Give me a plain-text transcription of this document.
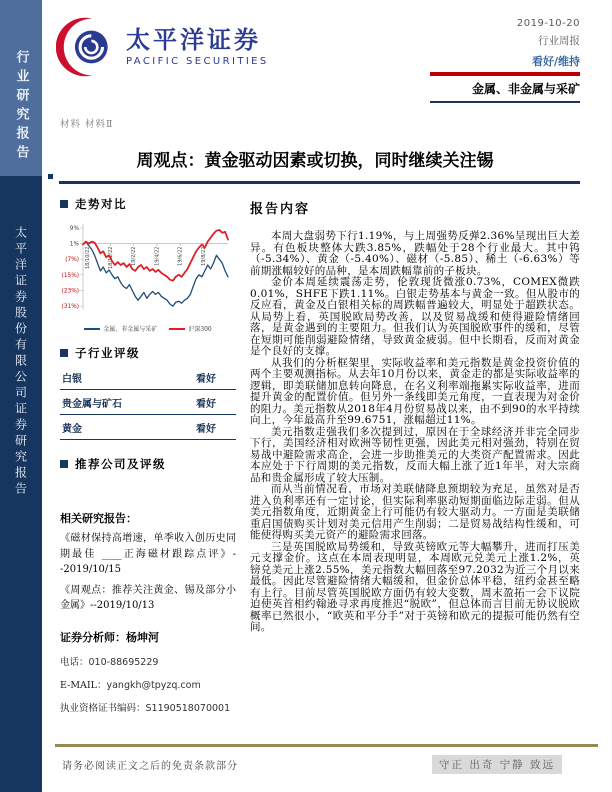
行业研究报告
太平洋证券股份有限公司证券研究报告
太平洋证券
PACIFIC SECURITIES
2019-10-20
行业周报
看好/维持
金属、非金属与采矿
材料 材料Ⅱ
周观点：黄金驱动因素或切换，同时继续关注锡
走势对比
9%
1%
(7%)
(15%)
(23%)
(31%)
18/10/22	18/12/22	19/2/22	19/4/22	19/6/22	19/8/22
金属、非金属与采矿	沪深300
子行业评级
白银	看好
贵金属与矿石	看好
黄金	看好
推荐公司及评级
相关研究报告：
《磁材保持高增速，单季收入创历史同期最佳 ____正海磁材跟踪点评》--2019/10/15
《周观点：推荐关注黄金、锡及部分小金属》--2019/10/13
证券分析师：杨坤河
电话：010-88695229
E-MAIL：yangkh@tpyzq.com
执业资格证书编码：S1190518070001
报告内容

本周大盘弱势下行1.19%，与上周强势反弹2.36%呈现出巨大差异。有色板块整体大跌3.85%，跌幅处于28个行业最大。其中钨（-5.34%）、黄金（-5.40%）、磁材（-5.85）、稀土（-6.63%）等前期涨幅较好的品种，是本周跌幅靠前的子板块。

金价本周延续震荡走势，伦敦现货微涨0.73%，COMEX微跌0.01%，SHFE下跌1.11%。白银走势基本与黄金一致。但从股市的反应看，黄金及白银相关标的周跌幅普遍较大，明显处于超跌状态。从局势上看，英国脱欧局势改善，以及贸易战缓和使得避险情绪回落，是黄金遇到的主要阻力。但我们认为英国脱欧事件的缓和，尽管在短期可能削弱避险情绪，导致黄金疲弱。但中长期看，反而对黄金是个良好的支撑。

从我们的分析框架里，实际收益率和美元指数是黄金投资价值的两个主要观测指标。从去年10月份以来，黄金走的都是实际收益率的逻辑，即美联储加息转向降息，在名义利率端拖累实际收益率，进而提升黄金的配置价值。但另外一条线即美元角度，一直表现为对金价的阻力。美元指数从2018年4月份贸易战以来，由不到90的水平持续向上，今年最高升至99.6751，涨幅超过11%。

美元指数走强我们多次提到过，原因在于全球经济并非完全同步下行，美国经济相对欧洲等韧性更强，因此美元相对强劲，特别在贸易战中避险需求高企，会进一步助推美元的大类资产配置需求。因此本应处于下行周期的美元指数，反而大幅上涨了近1年半，对大宗商品和贵金属形成了较大压制。

而从当前情况看，市场对美联储降息预期较为充足，虽然对是否进入负利率还有一定讨论，但实际利率驱动短期面临边际走弱。但从美元指数角度，近期黄金上行可能仍有较大驱动力。一方面是美联储重启国债购买计划对美元信用产生削弱；二是贸易战结构性缓和，可能使得购买美元资产的避险需求回落。

三是英国脱欧局势缓和，导致英镑欧元等大幅攀升，进而打压美元支撑金价。这点在本周表现明显，本周欧元兑美元上涨1.2%，英镑兑美元上涨2.55%，美元指数大幅回落至97.2032为近三个月以来最低。因此尽管避险情绪大幅缓和，但金价总体平稳，纽约金甚至略有上行。目前尽管英国脱欧方面仍有较大变数，周末盈拓一会下议院迫使英首相约翰逊寻求再度推迟“脱欧”，但总体而言目前无协议脱欧概率已然很小，“欧英和平分手”对于英镑和欧元的提振可能仍然有空间。

请务必阅读正文之后的免责条款部分	守正 出奇 宁静 致远
